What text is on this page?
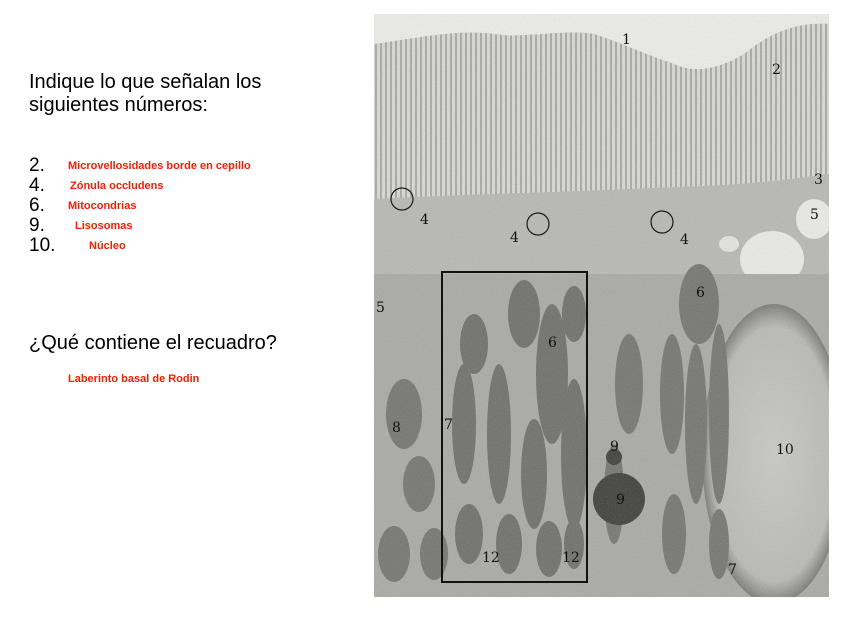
Indique lo que señalan los siguientes números:
2. Microvellosidades borde en cepillo
4. Zónula occludens
6. Mitocondrias
9.	Lisosomas
10.	Núcleo
¿Qué contiene el recuadro?
Laberinto basal de Rodin
1
2
3
4
4	4
5
5
6
6
7
7
8
9
9
10
12	12
